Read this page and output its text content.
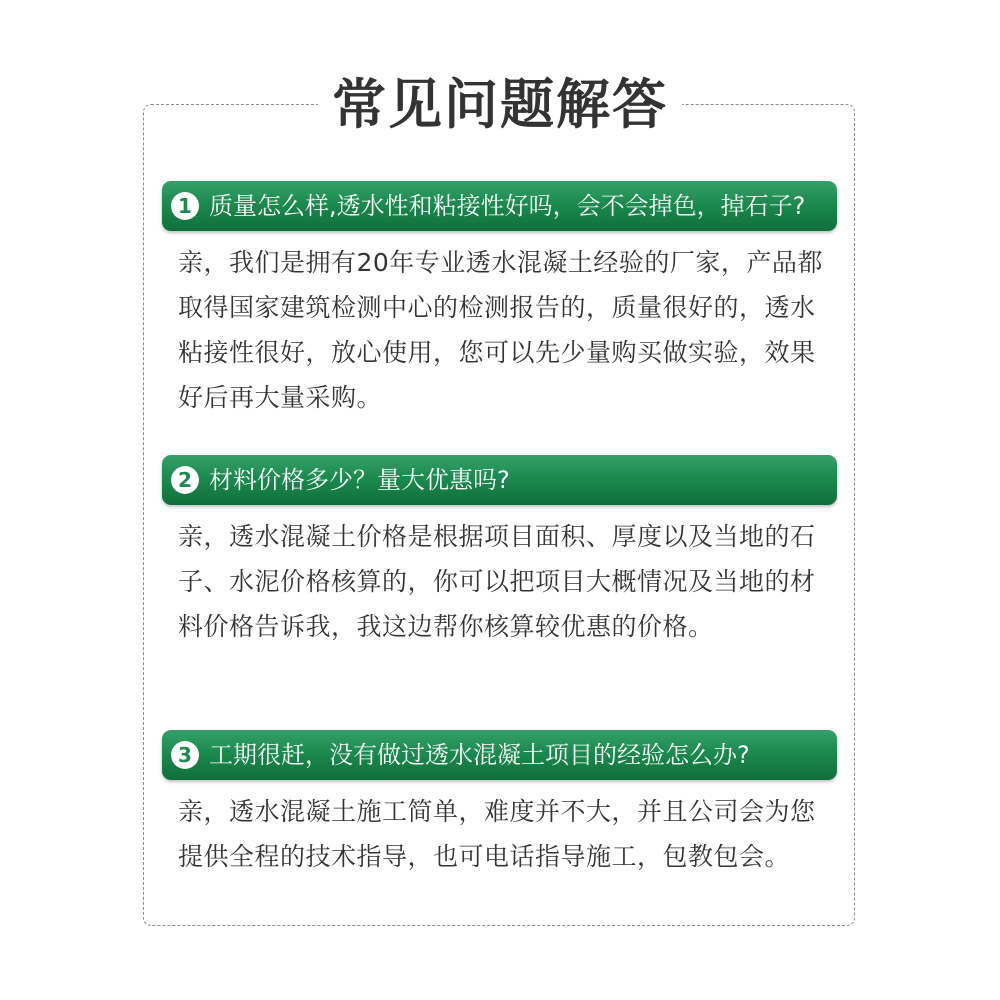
常见问题解答
1 质量怎么样,透水性和粘接性好吗，会不会掉色，掉石子?
亲，我们是拥有20年专业透水混凝土经验的厂家，产品都取得国家建筑检测中心的检测报告的，质量很好的，透水粘接性很好，放心使用，您可以先少量购买做实验，效果好后再大量采购。
2 材料价格多少？量大优惠吗?
亲，透水混凝土价格是根据项目面积、厚度以及当地的石子、水泥价格核算的，你可以把项目大概情况及当地的材料价格告诉我，我这边帮你核算较优惠的价格。
3 工期很赶，没有做过透水混凝土项目的经验怎么办?
亲，透水混凝土施工简单，难度并不大，并且公司会为您提供全程的技术指导，也可电话指导施工，包教包会。
